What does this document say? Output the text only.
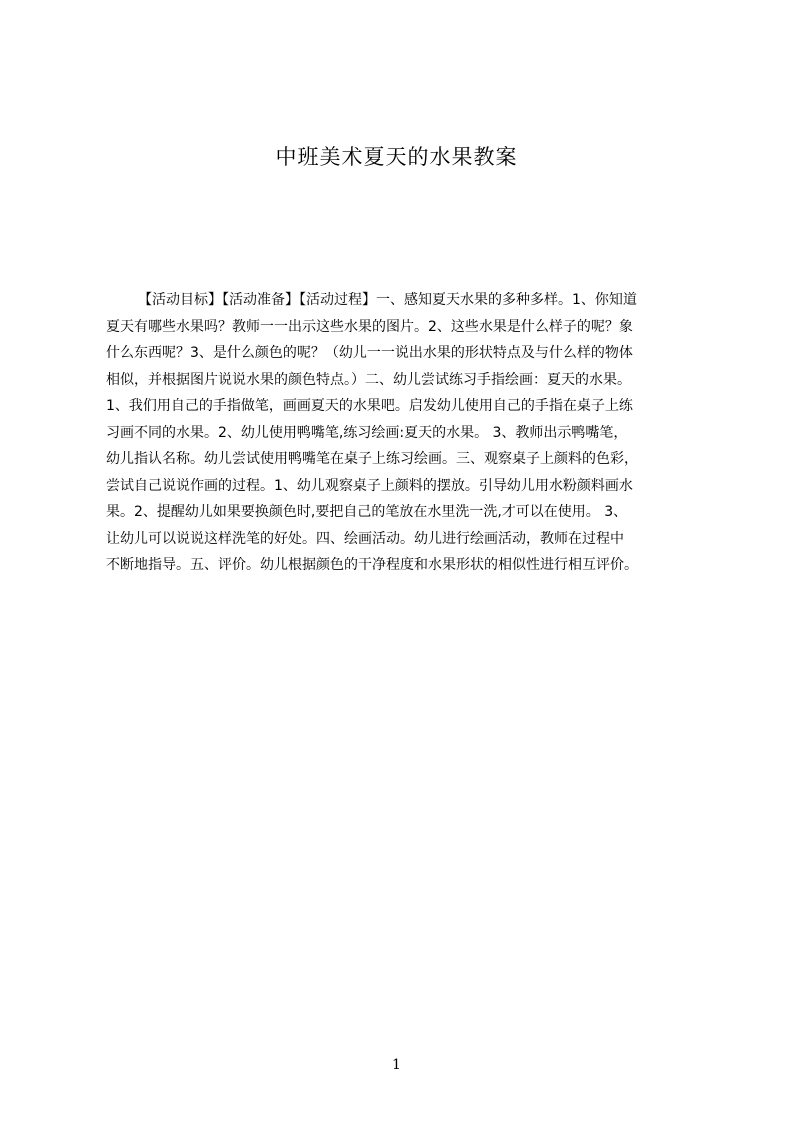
中班美术夏天的水果教案
【活动目标】【活动准备】【活动过程】一、感知夏天水果的多种多样。1、你知道
夏天有哪些水果吗？教师一一出示这些水果的图片。2、这些水果是什么样子的呢？象
什么东西呢？3、是什么颜色的呢？（幼儿一一说出水果的形状特点及与什么样的物体
相似，并根据图片说说水果的颜色特点。）二、幼儿尝试练习手指绘画：夏天的水果。
1、我们用自己的手指做笔，画画夏天的水果吧。启发幼儿使用自己的手指在桌子上练
习画不同的水果。2、幼儿使用鸭嘴笔,练习绘画:夏天的水果。 3、教师出示鸭嘴笔，
幼儿指认名称。幼儿尝试使用鸭嘴笔在桌子上练习绘画。三、观察桌子上颜料的色彩，
尝试自己说说作画的过程。1、幼儿观察桌子上颜料的摆放。引导幼儿用水粉颜料画水
果。2、提醒幼儿如果要换颜色时,要把自己的笔放在水里洗一洗,才可以在使用。 3、
让幼儿可以说说这样洗笔的好处。四、绘画活动。幼儿进行绘画活动，教师在过程中
不断地指导。五、评价。幼儿根据颜色的干净程度和水果形状的相似性进行相互评价。
1
